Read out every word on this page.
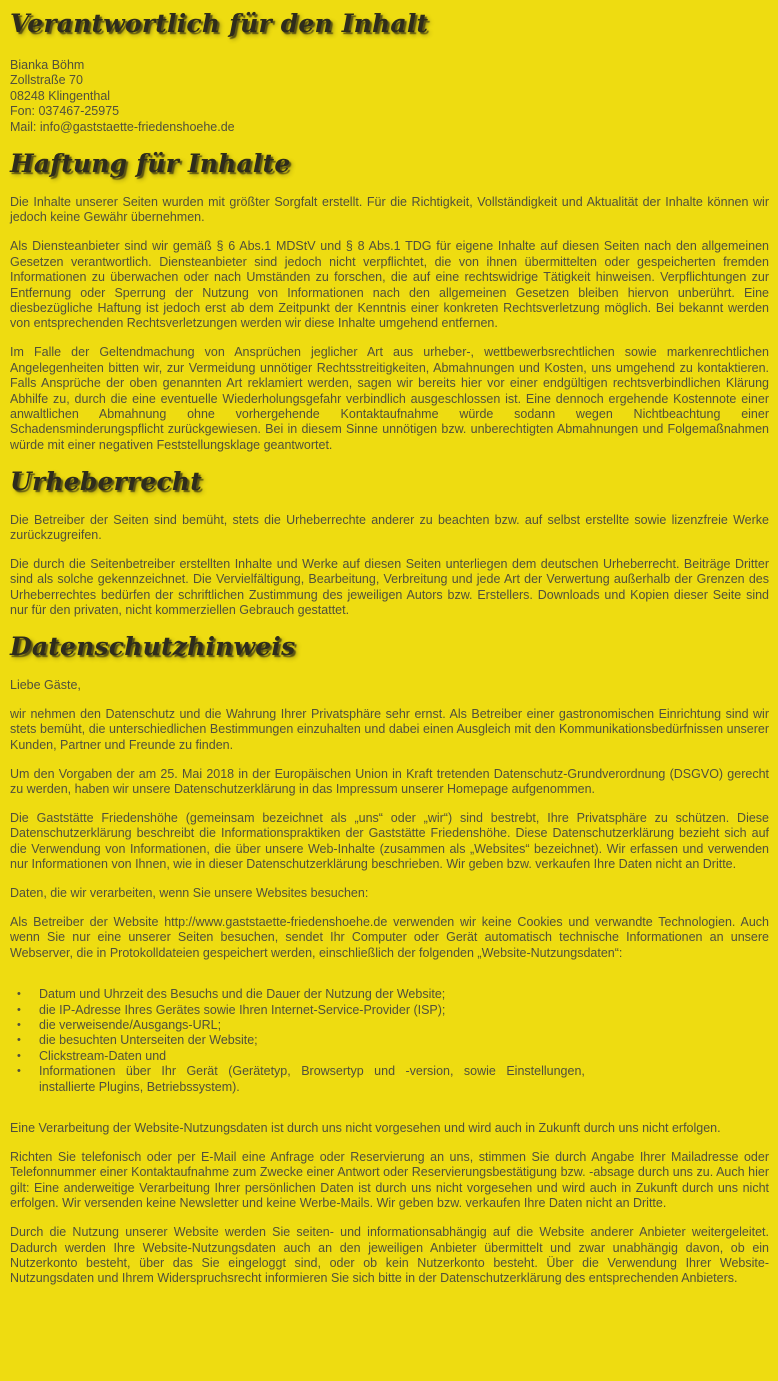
Verantwortlich für den Inhalt
Bianka Böhm
Zollstraße 70
08248 Klingenthal
Fon: 037467-25975
Mail: info@gaststaette-friedenshoehe.de
Haftung für Inhalte

Die Inhalte unserer Seiten wurden mit größter Sorgfalt erstellt. Für die Richtigkeit, Vollständigkeit und Aktualität der Inhalte können wir jedoch keine Gewähr übernehmen.

Als Diensteanbieter sind wir gemäß § 6 Abs.1 MDStV und § 8 Abs.1 TDG für eigene Inhalte auf diesen Seiten nach den allgemeinen Gesetzen verantwortlich. Diensteanbieter sind jedoch nicht verpflichtet, die von ihnen übermittelten oder gespeicherten fremden Informationen zu überwachen oder nach Umständen zu forschen, die auf eine rechtswidrige Tätigkeit hinweisen. Verpflichtungen zur Entfernung oder Sperrung der Nutzung von Informationen nach den allgemeinen Gesetzen bleiben hiervon unberührt. Eine diesbezügliche Haftung ist jedoch erst ab dem Zeitpunkt der Kenntnis einer konkreten Rechtsverletzung möglich. Bei bekannt werden von entsprechenden Rechtsverletzungen werden wir diese Inhalte umgehend entfernen.

Im Falle der Geltendmachung von Ansprüchen jeglicher Art aus urheber-, wettbewerbsrechtlichen sowie markenrechtlichen Angelegenheiten bitten wir, zur Vermeidung unnötiger Rechtsstreitigkeiten, Abmahnungen und Kosten, uns umgehend zu kontaktieren. Falls Ansprüche der oben genannten Art reklamiert werden, sagen wir bereits hier vor einer endgültigen rechtsverbindlichen Klärung Abhilfe zu, durch die eine eventuelle Wiederholungsgefahr verbindlich ausgeschlossen ist. Eine dennoch ergehende Kostennote einer anwaltlichen Abmahnung ohne vorhergehende Kontaktaufnahme würde sodann wegen Nichtbeachtung einer Schadensminderungspflicht zurückgewiesen. Bei in diesem Sinne unnötigen bzw. unberechtigten Abmahnungen und Folgemaßnahmen würde mit einer negativen Feststellungsklage geantwortet.

Urheberrecht

Die Betreiber der Seiten sind bemüht, stets die Urheberrechte anderer zu beachten bzw. auf selbst erstellte sowie lizenzfreie Werke zurückzugreifen.

Die durch die Seitenbetreiber erstellten Inhalte und Werke auf diesen Seiten unterliegen dem deutschen Urheberrecht. Beiträge Dritter sind als solche gekennzeichnet. Die Vervielfältigung, Bearbeitung, Verbreitung und jede Art der Verwertung außerhalb der Grenzen des Urheberrechtes bedürfen der schriftlichen Zustimmung des jeweiligen Autors bzw. Erstellers. Downloads und Kopien dieser Seite sind nur für den privaten, nicht kommerziellen Gebrauch gestattet.

Datenschutzhinweis

Liebe Gäste,

wir nehmen den Datenschutz und die Wahrung Ihrer Privatsphäre sehr ernst. Als Betreiber einer gastronomischen Einrichtung sind wir stets bemüht, die unterschiedlichen Bestimmungen einzuhalten und dabei einen Ausgleich mit den Kommunikationsbedürfnissen unserer Kunden, Partner und Freunde zu finden.

Um den Vorgaben der am 25. Mai 2018 in der Europäischen Union in Kraft tretenden Datenschutz-Grundverordnung (DSGVO) gerecht zu werden, haben wir unsere Datenschutzerklärung in das Impressum unserer Homepage aufgenommen.

Die Gaststätte Friedenshöhe (gemeinsam bezeichnet als „uns“ oder „wir“) sind bestrebt, Ihre Privatsphäre zu schützen. Diese Datenschutzerklärung beschreibt die Informationspraktiken der Gaststätte Friedenshöhe. Diese Datenschutzerklärung bezieht sich auf die Verwendung von Informationen, die über unsere Web-Inhalte (zusammen als „Websites“ bezeichnet). Wir erfassen und verwenden nur Informationen von Ihnen, wie in dieser Datenschutzerklärung beschrieben. Wir geben bzw. verkaufen Ihre Daten nicht an Dritte.

Daten, die wir verarbeiten, wenn Sie unsere Websites besuchen:

Als Betreiber der Website http://www.gaststaette-friedenshoehe.de verwenden wir keine Cookies und verwandte Technologien. Auch wenn Sie nur eine unserer Seiten besuchen, sendet Ihr Computer oder Gerät automatisch technische Informationen an unsere Webserver, die in Protokolldateien gespeichert werden, einschließlich der folgenden „Website-Nutzungsdaten“:

• Datum und Uhrzeit des Besuchs und die Dauer der Nutzung der Website;
• die IP-Adresse Ihres Gerätes sowie Ihren Internet-Service-Provider (ISP);
• die verweisende/Ausgangs-URL;
• die besuchten Unterseiten der Website;
• Clickstream-Daten und
• Informationen über Ihr Gerät (Gerätetyp, Browsertyp und -version, sowie Einstellungen,
installierte Plugins, Betriebssystem).

Eine Verarbeitung der Website-Nutzungsdaten ist durch uns nicht vorgesehen und wird auch in Zukunft durch uns nicht erfolgen.

Richten Sie telefonisch oder per E-Mail eine Anfrage oder Reservierung an uns, stimmen Sie durch Angabe Ihrer Mailadresse oder Telefonnummer einer Kontaktaufnahme zum Zwecke einer Antwort oder Reservierungsbestätigung bzw. -absage durch uns zu. Auch hier gilt: Eine anderweitige Verarbeitung Ihrer persönlichen Daten ist durch uns nicht vorgesehen und wird auch in Zukunft durch uns nicht erfolgen. Wir versenden keine Newsletter und keine Werbe-Mails. Wir geben bzw. verkaufen Ihre Daten nicht an Dritte.

Durch die Nutzung unserer Website werden Sie seiten- und informationsabhängig auf die Website anderer Anbieter weitergeleitet. Dadurch werden Ihre Website-Nutzungsdaten auch an den jeweiligen Anbieter übermittelt und zwar unabhängig davon, ob ein Nutzerkonto besteht, über das Sie eingeloggt sind, oder ob kein Nutzerkonto besteht. Über die Verwendung Ihrer Website-Nutzungsdaten und Ihrem Widerspruchsrecht informieren Sie sich bitte in der Datenschutzerklärung des entsprechenden Anbieters.
